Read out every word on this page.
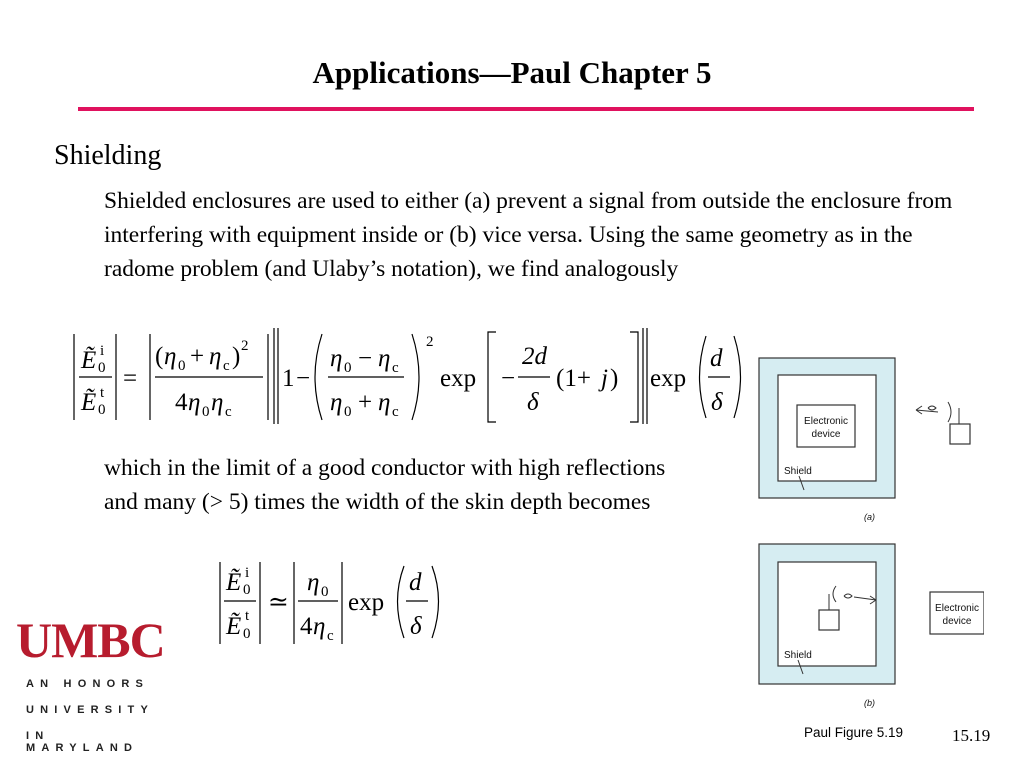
Applications—Paul Chapter 5
Shielding
Shielded enclosures are used to either (a) prevent a signal from outside the enclosure from interfering with equipment inside or (b) vice versa. Using the same geometry as in the radome problem (and Ulaby’s notation), we find analogously
Ẽ i
0
Ẽ t
0
=
( η 0 + η c ) 2
4 η 0 η c
1 −
η 0 − η c
η 0 + η c
2
exp −
2d
δ
(1+ j ) exp
d
δ
which in the limit of a good conductor with high reflections and many (> 5) times the width of the skin depth becomes
Ẽ i
0
Ẽ t
0
≃
η 0
4 η c
exp
d
δ
Electronic
device
Shield
(a)
Shield
Electronic
device
(b)
UMBC
AN HONORS
UNIVERSITY
IN MARYLAND
Paul Figure 5.19	15.19
